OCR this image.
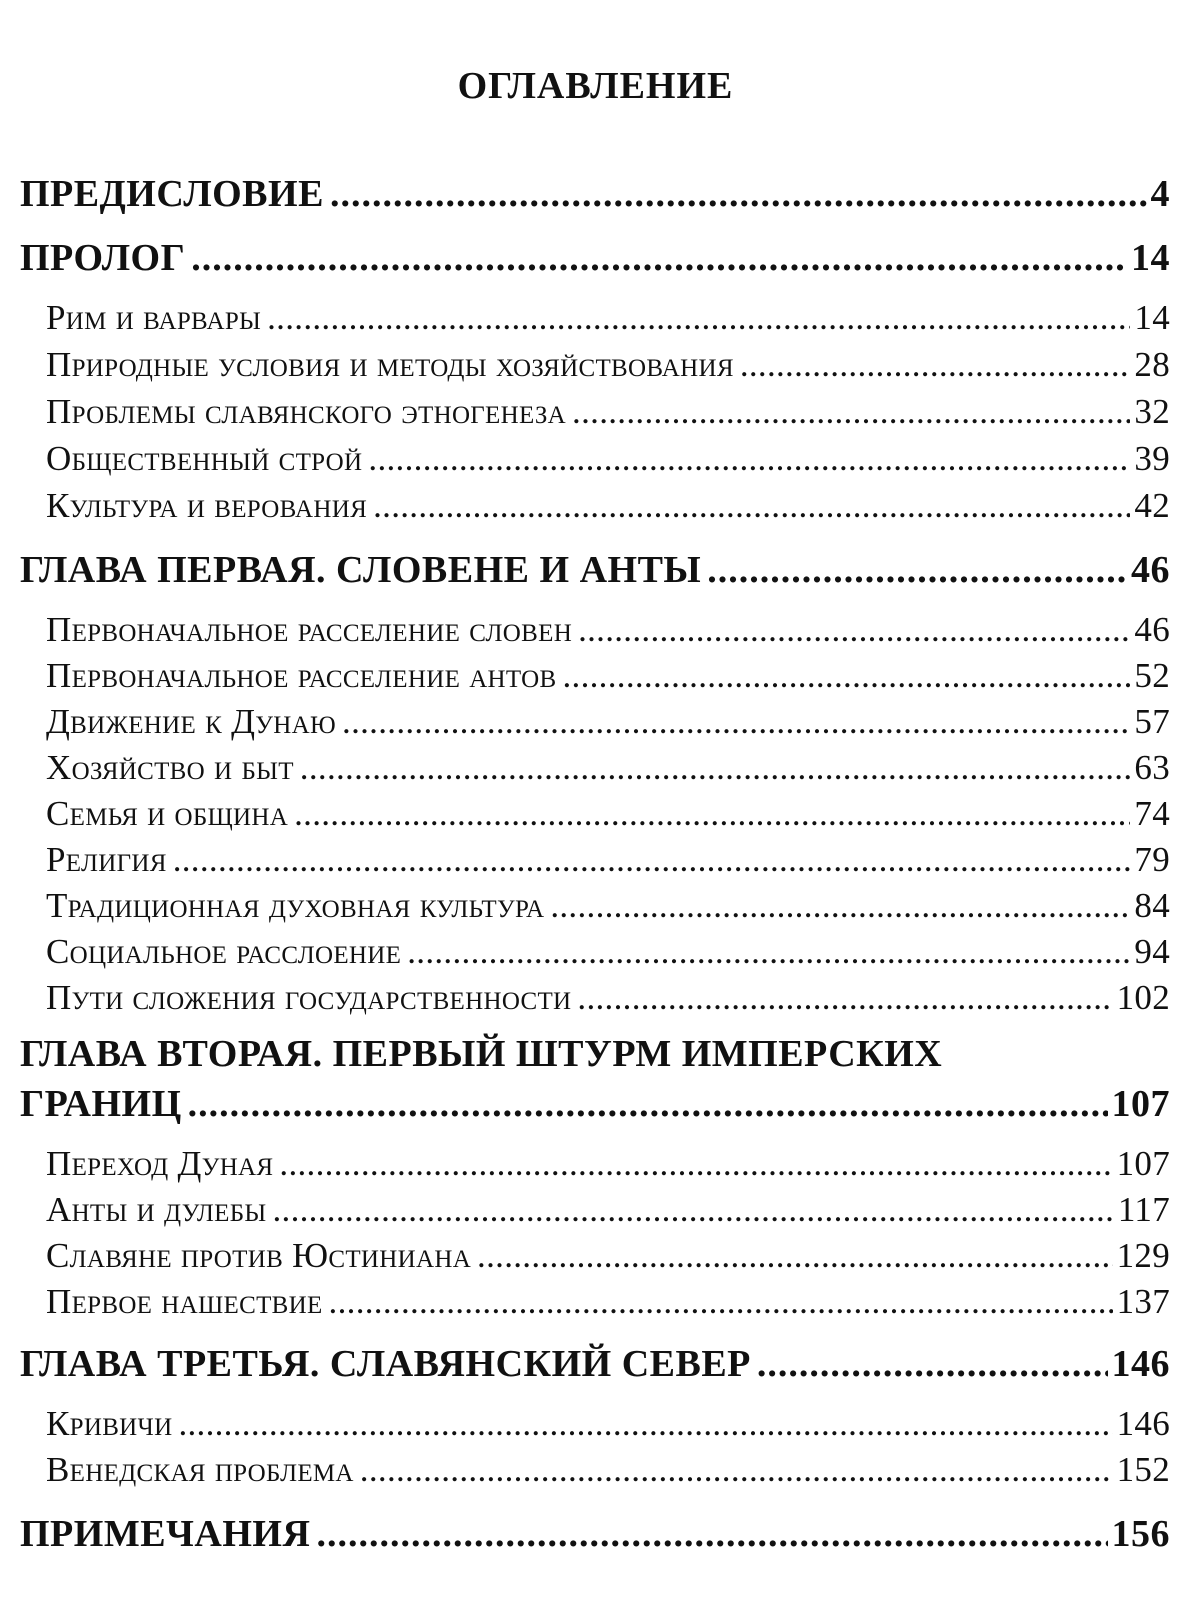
ОГЛАВЛЕНИЕ
ПРЕДИСЛОВИЕ .....	4
ПРОЛОГ .....	14
Рим и варвары .....	14
Природные условия и методы хозяйствования .....	28
Проблемы славянского этногенеза .....	32
Общественный строй .....	39
Культура и верования .....	42
ГЛАВА ПЕРВАЯ. СЛОВЕНЕ И АНТЫ .....	46
Первоначальное расселение словен .....	46
Первоначальное расселение антов .....	52
Движение к Дунаю .....	57
Хозяйство и быт .....	63
Семья и община .....	74
Религия .....	79
Традиционная духовная культура .....	84
Социальное расслоение .....	94
Пути сложения государственности .....	102
ГЛАВА ВТОРАЯ. ПЕРВЫЙ ШТУРМ ИМПЕРСКИХ
ГРАНИЦ .....	107
Переход Дуная .....	107
Анты и дулебы .....	117
Славяне против Юстиниана .....	129
Первое нашествие .....	137
ГЛАВА ТРЕТЬЯ. СЛАВЯНСКИЙ СЕВЕР .....	146
Кривичи .....	146
Венедская проблема .....	152
ПРИМЕЧАНИЯ .....	156
